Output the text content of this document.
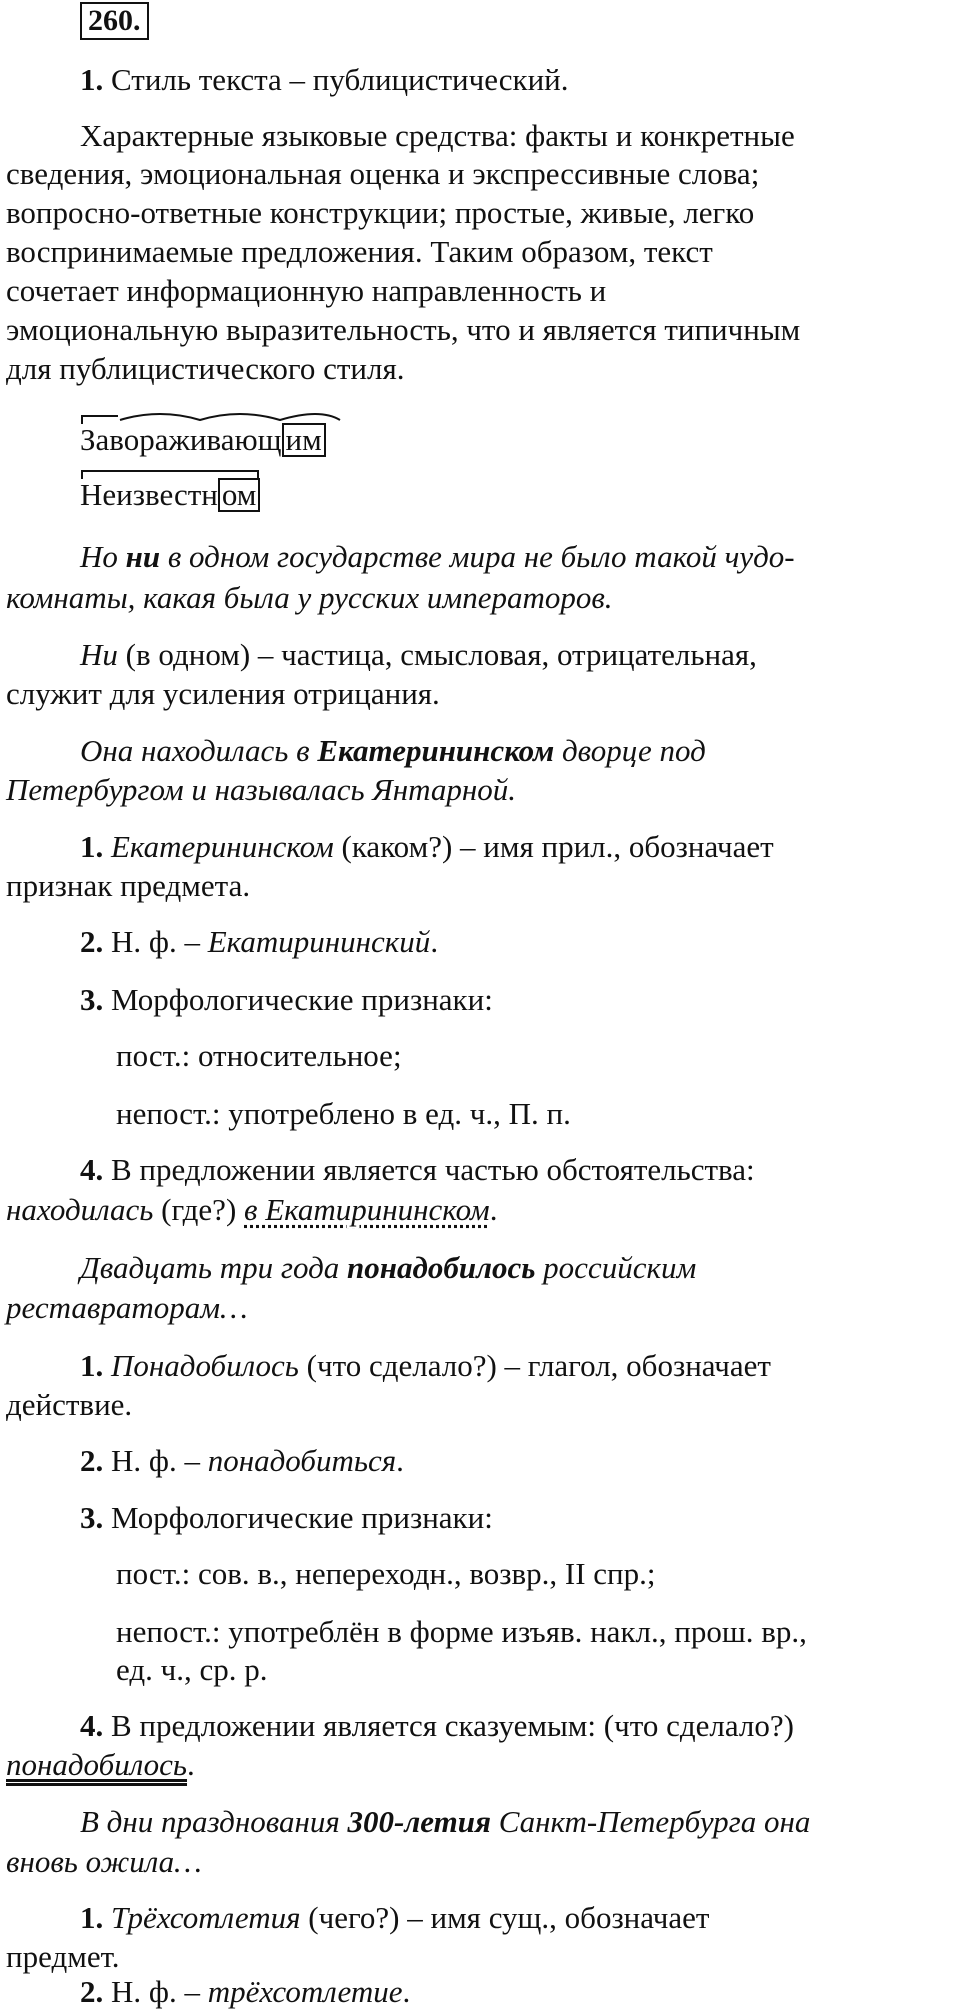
260.
1. Стиль текста – публицистический.
Характерные языковые средства: факты и конкретные
сведения, эмоциональная оценка и экспрессивные слова;
вопросно-ответные конструкции; простые, живые, легко
воспринимаемые предложения. Таким образом, текст
сочетает информационную направленность и
эмоциональную выразительность, что и является типичным
для публицистического стиля.
Завораживающ им
Неизвестн ом
Но ни в одном государстве мира не было такой чудо-
комнаты, какая была у русских императоров.
Ни (в одном) – частица, смысловая, отрицательная,
служит для усиления отрицания.
Она находилась в Екатерининском дворце под
Петербургом и называлась Янтарной.
1. Екатерининском (каком?) – имя прил., обозначает
признак предмета.
2. Н. ф. – Екатирининский.
3. Морфологические признаки:
пост.: относительное;
непост.: употреблено в ед. ч., П. п.
4. В предложении является частью обстоятельства:
находилась (где?) в Екатирининском.
Двадцать три года понадобилось российским
реставраторам…
1. Понадобилось (что сделало?) – глагол, обозначает
действие.
2. Н. ф. – понадобиться.
3. Морфологические признаки:
пост.: сов. в., непереходн., возвр., II спр.;
непост.: употреблён в форме изъяв. накл., прош. вр.,
ед. ч., ср. р.
4. В предложении является сказуемым: (что сделало?)
понадобилось.
В дни празднования 300-летия Санкт-Петербурга она
вновь ожила…
1. Трёхсотлетия (чего?) – имя сущ., обозначает
предмет.
2. Н. ф. – трёхсотлетие.
